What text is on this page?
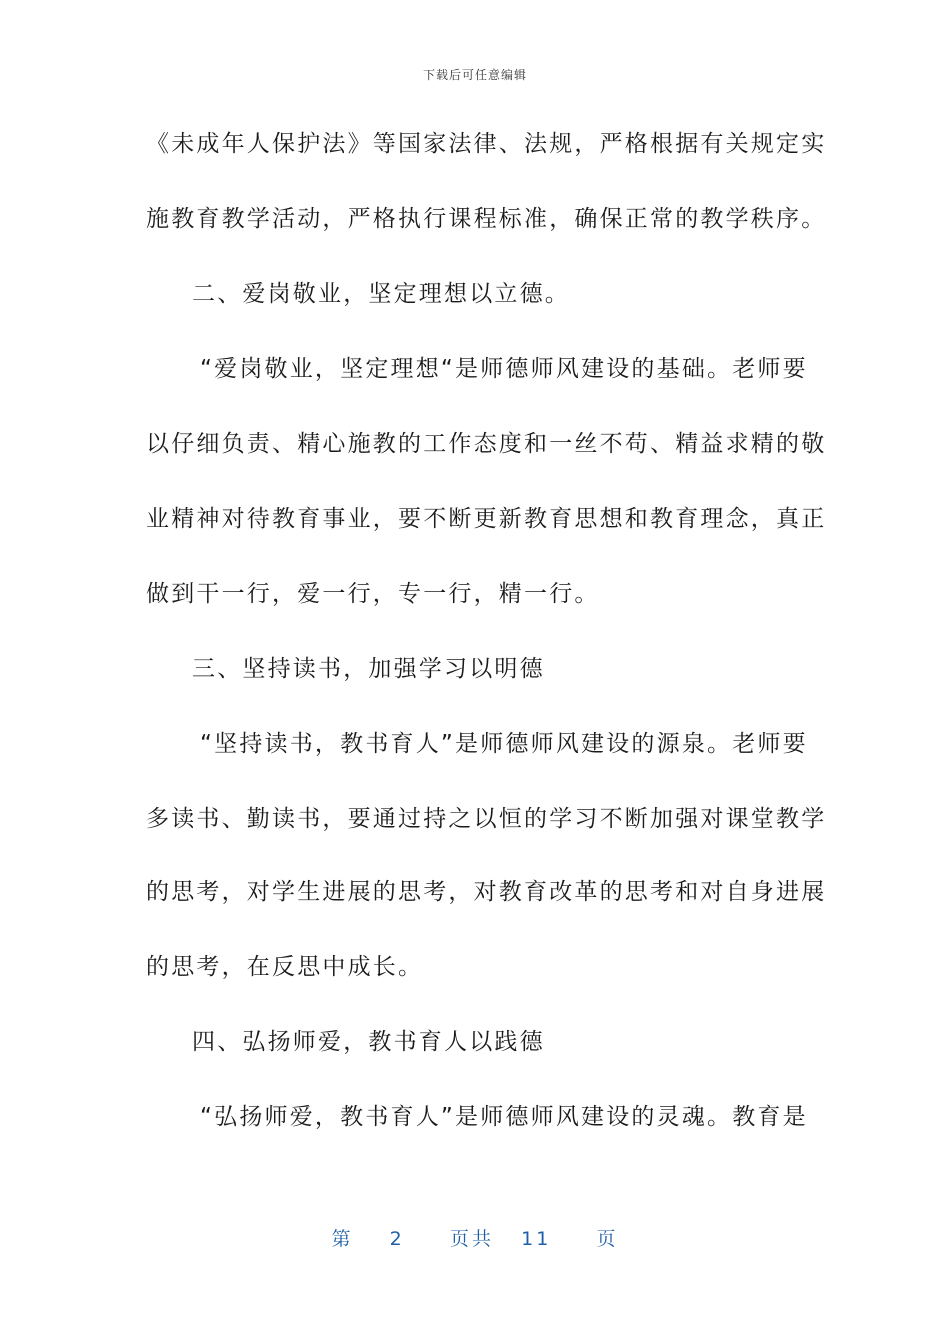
下载后可任意编辑
《未成年人保护法》等国家法律、法规，严格根据有关规定实
施教育教学活动，严格执行课程标准，确保正常的教学秩序。
二、爱岗敬业，坚定理想以立德。
“爱岗敬业，坚定理想“是师德师风建设的基础。老师要
以仔细负责、精心施教的工作态度和一丝不苟、精益求精的敬
业精神对待教育事业，要不断更新教育思想和教育理念，真正
做到干一行，爱一行，专一行，精一行。
三、坚持读书，加强学习以明德
“坚持读书，教书育人”是师德师风建设的源泉。老师要
多读书、勤读书，要通过持之以恒的学习不断加强对课堂教学
的思考，对学生进展的思考，对教育改革的思考和对自身进展
的思考，在反思中成长。
四、弘扬师爱，教书育人以践德
“弘扬师爱，教书育人”是师德师风建设的灵魂。教育是
第 2 页共 11 页
